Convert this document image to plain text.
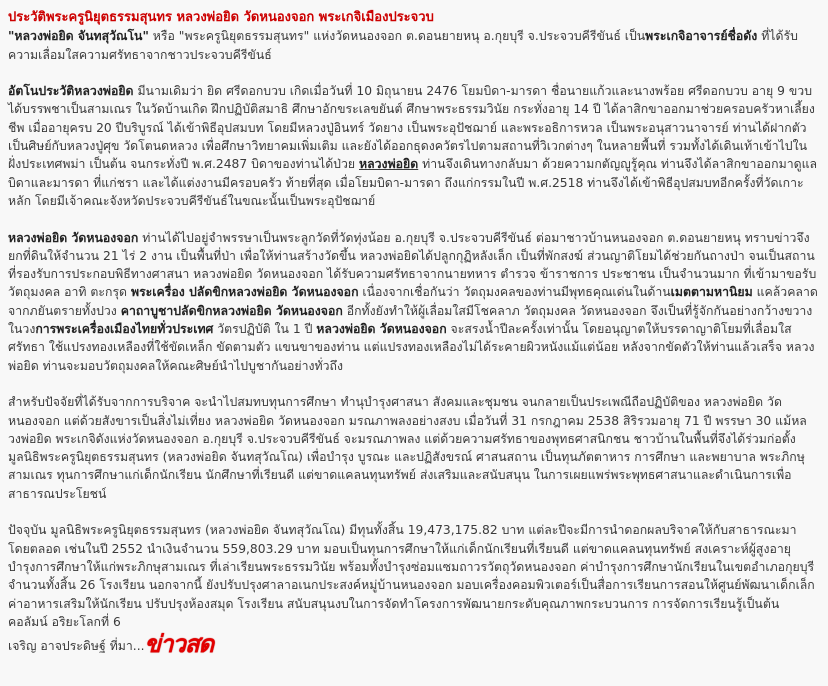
ประวัติพระครูนิยุตธรรมสุนทร หลวงพ่อยิด วัดหนองจอก พระเกจิเมืองประจวบ

"หลวงพ่อยิด จันทสุวัณโน" หรือ "พระครูนิยุตธรรมสุนทร" แห่งวัดหนองจอก ต.ดอนยายหนุ อ.กุยบุรี จ.ประจวบคีรีขันธ์ เป็นพระเกจิอาจารย์ชื่อดัง ที่ได้รับความเลื่อมใสความศรัทธาจากชาวประจวบคีรีขันธ์

อัตโนประวัติหลวงพ่อยิด มีนามเดิมว่า ยิด ศรีดอกบวบ เกิดเมื่อวันที่ 10 มิถุนายน 2476 โยมบิดา-มารดา ชื่อนายแก้วและนางพร้อย ศรีดอกบวบ อายุ 9 ขวบ ได้บรรพชาเป็นสามเณร ในวัดบ้านเกิด ฝึกปฏิบัติสมาธิ ศึกษาอักขระเลขยันต์ ศึกษาพระธรรมวินัย กระทั่งอายุ 14 ปี ได้ลาสิกขาออกมาช่วยครอบครัวหาเลี้ยงชีพ เมื่ออายุครบ 20 ปีบริบูรณ์ ได้เข้าพิธีอุปสมบท โดยมีหลวงปู่อินทร์ วัดยาง เป็นพระอุปัชฌาย์ และพระอธิการหวล เป็นพระอนุสาวนาจารย์ ท่านได้ฝากตัวเป็นศิษย์กับหลวงปู่ศุข วัดโตนดหลวง เพื่อศึกษาวิทยาคมเพิ่มเติม และยังได้ออกธุดงควัตรไปตามสถานที่วิเวกต่างๆ ในหลายพื้นที่ รวมทั้งได้เดินเท้าเข้าไปในฝั่งประเทศพม่า เป็นต้น จนกระทั่งปี พ.ศ.2487 บิดาของท่านได้ป่วย หลวงพ่อยิด ท่านจึงเดินทางกลับมา ด้วยความกตัญญูรู้คุณ ท่านจึงได้ลาสิกขาออกมาดูแลบิดาและมารดา ที่แก่ชรา และได้แต่งงานมีครอบครัว ท้ายที่สุด เมื่อโยมบิดา-มารดา ถึงแก่กรรมในปี พ.ศ.2518 ท่านจึงได้เข้าพิธีอุปสมบทอีกครั้งที่วัดเกาะหลัก โดยมีเจ้าคณะจังหวัดประจวบคีรีขันธ์ในขณะนั้นเป็นพระอุปัชฌาย์

หลวงพ่อยิด วัดหนองจอก ท่านได้ไปอยู่จำพรรษาเป็นพระลูกวัดที่วัดทุ่งน้อย อ.กุยบุรี จ.ประจวบคีรีขันธ์ ต่อมาชาวบ้านหนองจอก ต.ดอนยายหนุ ทราบข่าวจึงยกที่ดินให้จำนวน 21 ไร่ 2 งาน เป็นพื้นที่ป่า เพื่อให้ท่านสร้างวัดขึ้น หลวงพ่อยิดได้ปลูกกุฏิหลังเล็ก เป็นที่พักสงฆ์ ส่วนญาติโยมได้ช่วยกันถางป่า จนเป็นสถานที่รองรับการประกอบพิธีทางศาสนา หลวงพ่อยิด วัดหนองจอก ได้รับความศรัทธาจากนายทหาร ตำรวจ ข้าราชการ ประชาชน เป็นจำนวนมาก ที่เข้ามาขอรับวัตถุมงคล อาทิ ตะกรุด พระเครื่อง ปลัดขิกหลวงพ่อยิด วัดหนองจอก เนื่องจากเชื่อกันว่า วัตถุมงคลของท่านมีพุทธคุณเด่นในด้านเมตตามหานิยม แคล้วคลาดจากภยันตรายทั้งปวง คาถาบูชาปลัดขิกหลวงพ่อยิด วัดหนองจอก อีกทั้งยังทำให้ผู้เลื่อมใสมีโชคลาภ วัตถุมงคล วัดหนองจอก จึงเป็นที่รู้จักกันอย่างกว้างขวางในวงการพระเครื่องเมืองไทยทั่วประเทศ วัตรปฏิบัติ ใน 1 ปี หลวงพ่อยิด วัดหนองจอก จะสรงน้ำปีละครั้งเท่านั้น โดยอนุญาตให้บรรดาญาติโยมที่เลื่อมใสศรัทธา ใช้แปรงทองเหลืองที่ใช้ขัดเหล็ก ขัดตามตัว แขนขาของท่าน แต่แปรงทองเหลืองไม่ได้ระคายผิวหนังแม้แต่น้อย หลังจากขัดตัวให้ท่านแล้วเสร็จ หลวงพ่อยิด ท่านจะมอบวัตถุมงคลให้คณะศิษย์นำไปบูชากันอย่างทั่วถึง

สำหรับปัจจัยที่ได้รับจากการบริจาค จะนำไปสมทบทุนการศึกษา ทำนุบำรุงศาสนา สังคมและชุมชน จนกลายเป็นประเพณีถือปฏิบัติของ หลวงพ่อยิด วัดหนองจอก แต่ด้วยสังขารเป็นสิ่งไม่เที่ยง หลวงพ่อยิด วัดหนองจอก มรณภาพลงอย่างสงบ เมื่อวันที่ 31 กรกฎาคม 2538 สิริรวมอายุ 71 ปี พรรษา 30 แม้หลวงพ่อยิด พระเกจิดังแห่งวัดหนองจอก อ.กุยบุรี จ.ประจวบคีรีขันธ์ จะมรณภาพลง แต่ด้วยความศรัทธาของพุทธศาสนิกชน ชาวบ้านในพื้นที่จึงได้ร่วมก่อตั้งมูลนิธิพระครูนิยุตธรรมสุนทร (หลวงพ่อยิด จันทสุวัณโณ) เพื่อบำรุง บูรณะ และปฏิสังขรณ์ ศาสนสถาน เป็นทุนภัตตาหาร การศึกษา และพยาบาล พระภิกษุสามเณร ทุนการศึกษาแก่เด็กนักเรียน นักศึกษาที่เรียนดี แต่ขาดแคลนทุนทรัพย์ ส่งเสริมและสนับสนุน ในการเผยแพร่พระพุทธศาสนาและดำเนินการเพื่อสาธารณประโยชน์

ปัจจุบัน มูลนิธิพระครูนิยุตธรรมสุนทร (หลวงพ่อยิด จันทสุวัณโณ) มีทุนทั้งสิ้น 19,473,175.82 บาท แต่ละปีจะมีการนำดอกผลบริจาคให้กับสาธารณะมาโดยตลอด เช่นในปี 2552 นำเงินจำนวน 559,803.29 บาท มอบเป็นทุนการศึกษาให้แก่เด็กนักเรียนที่เรียนดี แต่ขาดแคลนทุนทรัพย์ สงเคราะห์ผู้สูงอายุ บำรุงการศึกษาให้แก่พระภิกษุสามเณร ที่เล่าเรียนพระธรรมวินัย พร้อมทั้งบำรุงซ่อมแซมถาวรวัตถุวัดหนองจอก ค่าบำรุงการศึกษานักเรียนในเขตอำเภอกุยบุรี จำนวนทั้งสิ้น 26 โรงเรียน นอกจากนี้ ยังปรับปรุงศาลาอเนกประสงค์หมู่บ้านหนองจอก มอบเครื่องคอมพิวเตอร์เป็นสื่อการเรียนการสอนให้ศูนย์พัฒนาเด็กเล็ก ค่าอาหารเสริมให้นักเรียน ปรับปรุงห้องสมุด โรงเรียน สนับสนุนงบในการจัดทำโครงการพัฒนายกระดับคุณภาพกระบวนการ การจัดการเรียนรู้เป็นต้น

คอลัมน์ อริยะโลกที่ 6
เจริญ อาจประดิษฐ์ ที่มา...ข่าวสด
